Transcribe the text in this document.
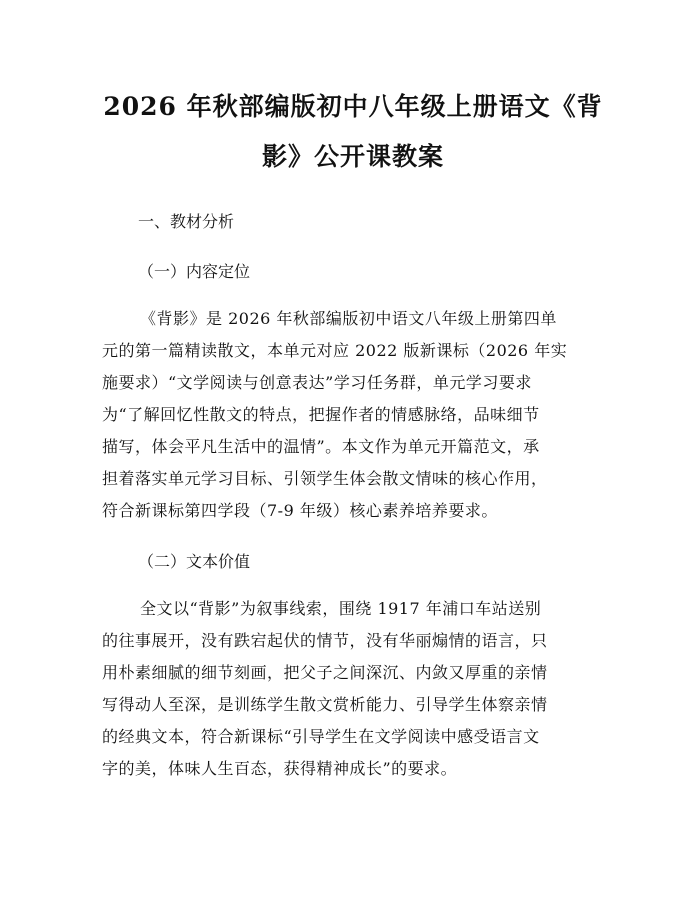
2026 年秋部编版初中八年级上册语文《背
影》公开课教案
一、教材分析
（一）内容定位

《背影》是 2026 年秋部编版初中语文八年级上册第四单
元的第一篇精读散文，本单元对应 2022 版新课标（2026 年实
施要求）“文学阅读与创意表达”学习任务群，单元学习要求
为“了解回忆性散文的特点，把握作者的情感脉络，品味细节
描写，体会平凡生活中的温情”。本文作为单元开篇范文，承
担着落实单元学习目标、引领学生体会散文情味的核心作用，
符合新课标第四学段（7-9 年级）核心素养培养要求。

（二）文本价值

全文以“背影”为叙事线索，围绕 1917 年浦口车站送别
的往事展开，没有跌宕起伏的情节，没有华丽煽情的语言，只
用朴素细腻的细节刻画，把父子之间深沉、内敛又厚重的亲情
写得动人至深，是训练学生散文赏析能力、引导学生体察亲情
的经典文本，符合新课标“引导学生在文学阅读中感受语言文
字的美，体味人生百态，获得精神成长”的要求。
